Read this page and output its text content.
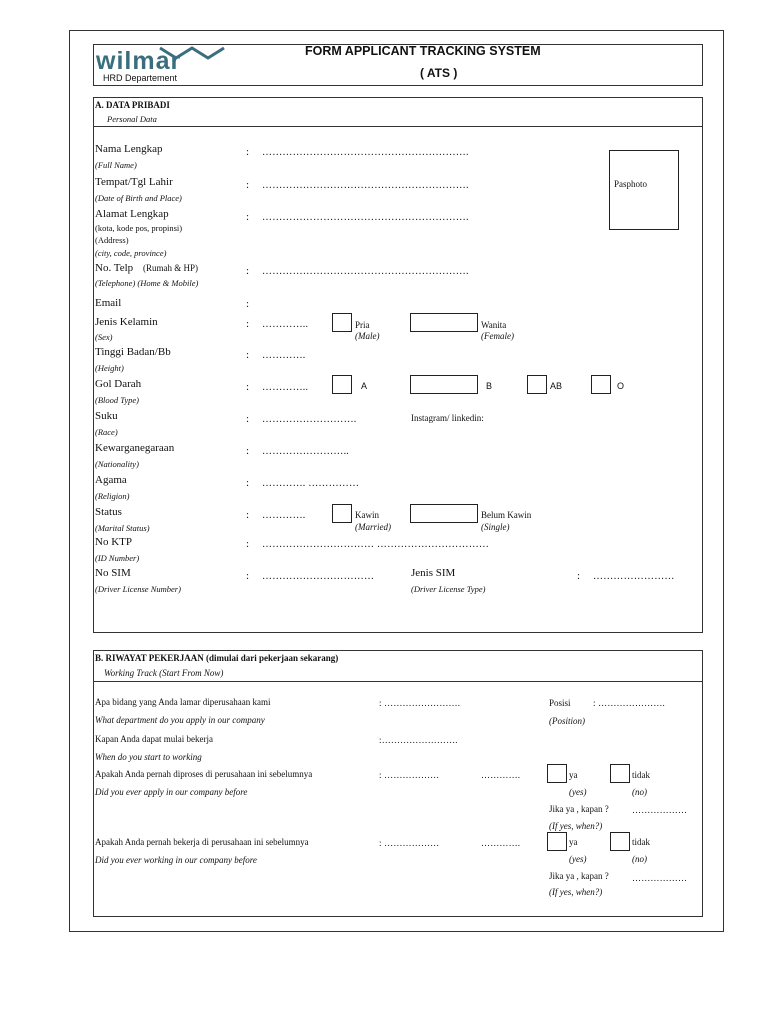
wilmar
HRD Departement
FORM APPLICANT TRACKING SYSTEM
( ATS )
A. DATA PRIBADI
Personal Data
Pasphoto
Nama Lengkap
(Full Name)
: …………………………………………………….
Tempat/Tgl Lahir
(Date of Birth and Place)
: …………………………………………………….
Alamat Lengkap
(kota, kode pos, propinsi)
(Address)
(city, code, province)
: …………………………………………………….
No. Telp (Rumah & HP)
(Telephone) (Home & Mobile)
: …………………………………………………….
Email	:
Jenis Kelamin
(Sex)
: …………..	Pria
(Male)
Wanita
(Female)
Tinggi Badan/Bb
(Height)
: ………….
Gol Darah
(Blood Type)
: …………..	A	B	AB	O
Suku
(Race)
: ……………………….	Instagram/ linkedin:
Kewarganegaraan
(Nationality)
: ……………………..
Agama
(Religion)
: …………. ……………
Status
(Marital Status)
: ………….	Kawin
(Married)
Belum Kawin
(Single)
No KTP
(ID Number)
: …………………………… ……………………………
No SIM
(Driver License Number)
: ……………………………	Jenis SIM
(Driver License Type)
: ……………………
B. RIWAYAT PEKERJAAN (dimulai dari pekerjaan sekarang)
Working Track (Start From Now)
Apa bidang yang Anda lamar diperusahaan kami
What department do you apply in our company
: …………………….	Posisi : ………………….
(Position)
Kapan Anda dapat mulai bekerja
When do you start to working
:…………………….
Apakah Anda pernah diproses di perusahaan ini sebelumnya
Did you ever apply in our company before
: ………………	………….	ya
(yes)
tidak
(no)
Jika ya , kapan ?
(If yes, when?)
………………
Apakah Anda pernah bekerja di perusahaan ini sebelumnya
Did you ever working in our company before
: ………………	………….	ya
(yes)
tidak
(no)
Jika ya , kapan ?
(If yes, when?)
………………
